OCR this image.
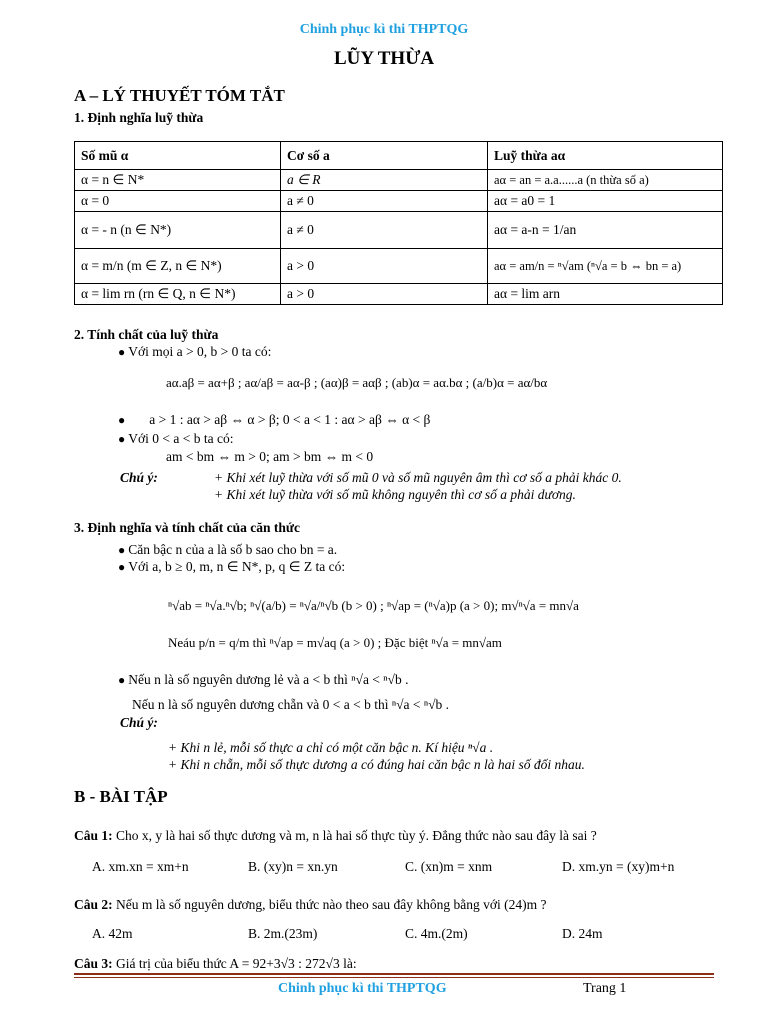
Chinh phục kì thi THPTQG
LŨY THỪA
A – LÝ THUYẾT TÓM TẮT
1. Định nghĩa luỹ thừa
Số mũ α	Cơ số a	Luỹ thừa aα
α = n ∈ N*	a ∈ R	aα = an = a.a......a (n thừa số a)
α = 0	a ≠ 0	aα = a0 = 1
α = - n (n ∈ N*)	a ≠ 0	aα = a-n = 1/an
α = m/n (m ∈ Z, n ∈ N*)	a > 0	aα = am/n = ⁿ√am (ⁿ√a = b ⇔ bn = a)
α = lim rn (rn ∈ Q, n ∈ N*)	a > 0	aα = lim arn
2. Tính chất của luỹ thừa
● Với mọi a > 0, b > 0 ta có:
aα.aβ = aα+β ; aα/aβ = aα-β ; (aα)β = aαβ ; (ab)α = aα.bα ; (a/b)α = aα/bα
●        a > 1 : aα > aβ ⇔ α > β; 0 < a < 1 : aα > aβ ⇔ α < β
● Với 0 < a < b ta có:
am < bm ⇔ m > 0; am > bm ⇔ m < 0
Chú ý:	+ Khi xét luỹ thừa với số mũ 0 và số mũ nguyên âm thì cơ số a phải khác 0.
+ Khi xét luỹ thừa với số mũ không nguyên thì cơ số a phải dương.
3. Định nghĩa và tính chất của căn thức
● Căn bậc n của a là số b sao cho bn = a.
● Với a, b ≥ 0, m, n ∈ N*, p, q ∈ Z ta có:
ⁿ√ab = ⁿ√a.ⁿ√b; ⁿ√(a/b) = ⁿ√a/ⁿ√b (b > 0) ; ⁿ√ap = (ⁿ√a)p (a > 0); m√ⁿ√a = mn√a
Neáu p/n = q/m thì ⁿ√ap = m√aq (a > 0) ; Đặc biệt ⁿ√a = mn√am
● Nếu n là số nguyên dương lẻ và a < b thì ⁿ√a < ⁿ√b .
Nếu n là số nguyên dương chẵn và 0 < a < b thì ⁿ√a < ⁿ√b .
Chú ý:
+ Khi n lẻ, mỗi số thực a chỉ có một căn bậc n. Kí hiệu ⁿ√a .
+ Khi n chẵn, mỗi số thực dương a có đúng hai căn bậc n là hai số đối nhau.
B - BÀI TẬP
Câu 1: Cho x, y là hai số thực dương và m, n là hai số thực tùy ý. Đẳng thức nào sau đây là sai ?
A. xm.xn = xm+n	B. (xy)n = xn.yn	C. (xn)m = xnm	D. xm.yn = (xy)m+n
Câu 2: Nếu m là số nguyên dương, biểu thức nào theo sau đây không bằng với (24)m ?
A. 42m	B. 2m.(23m)	C. 4m.(2m)	D. 24m
Câu 3: Giá trị của biểu thức A = 92+3√3 : 272√3 là:
Chinh phục kì thi THPTQG	Trang 1
